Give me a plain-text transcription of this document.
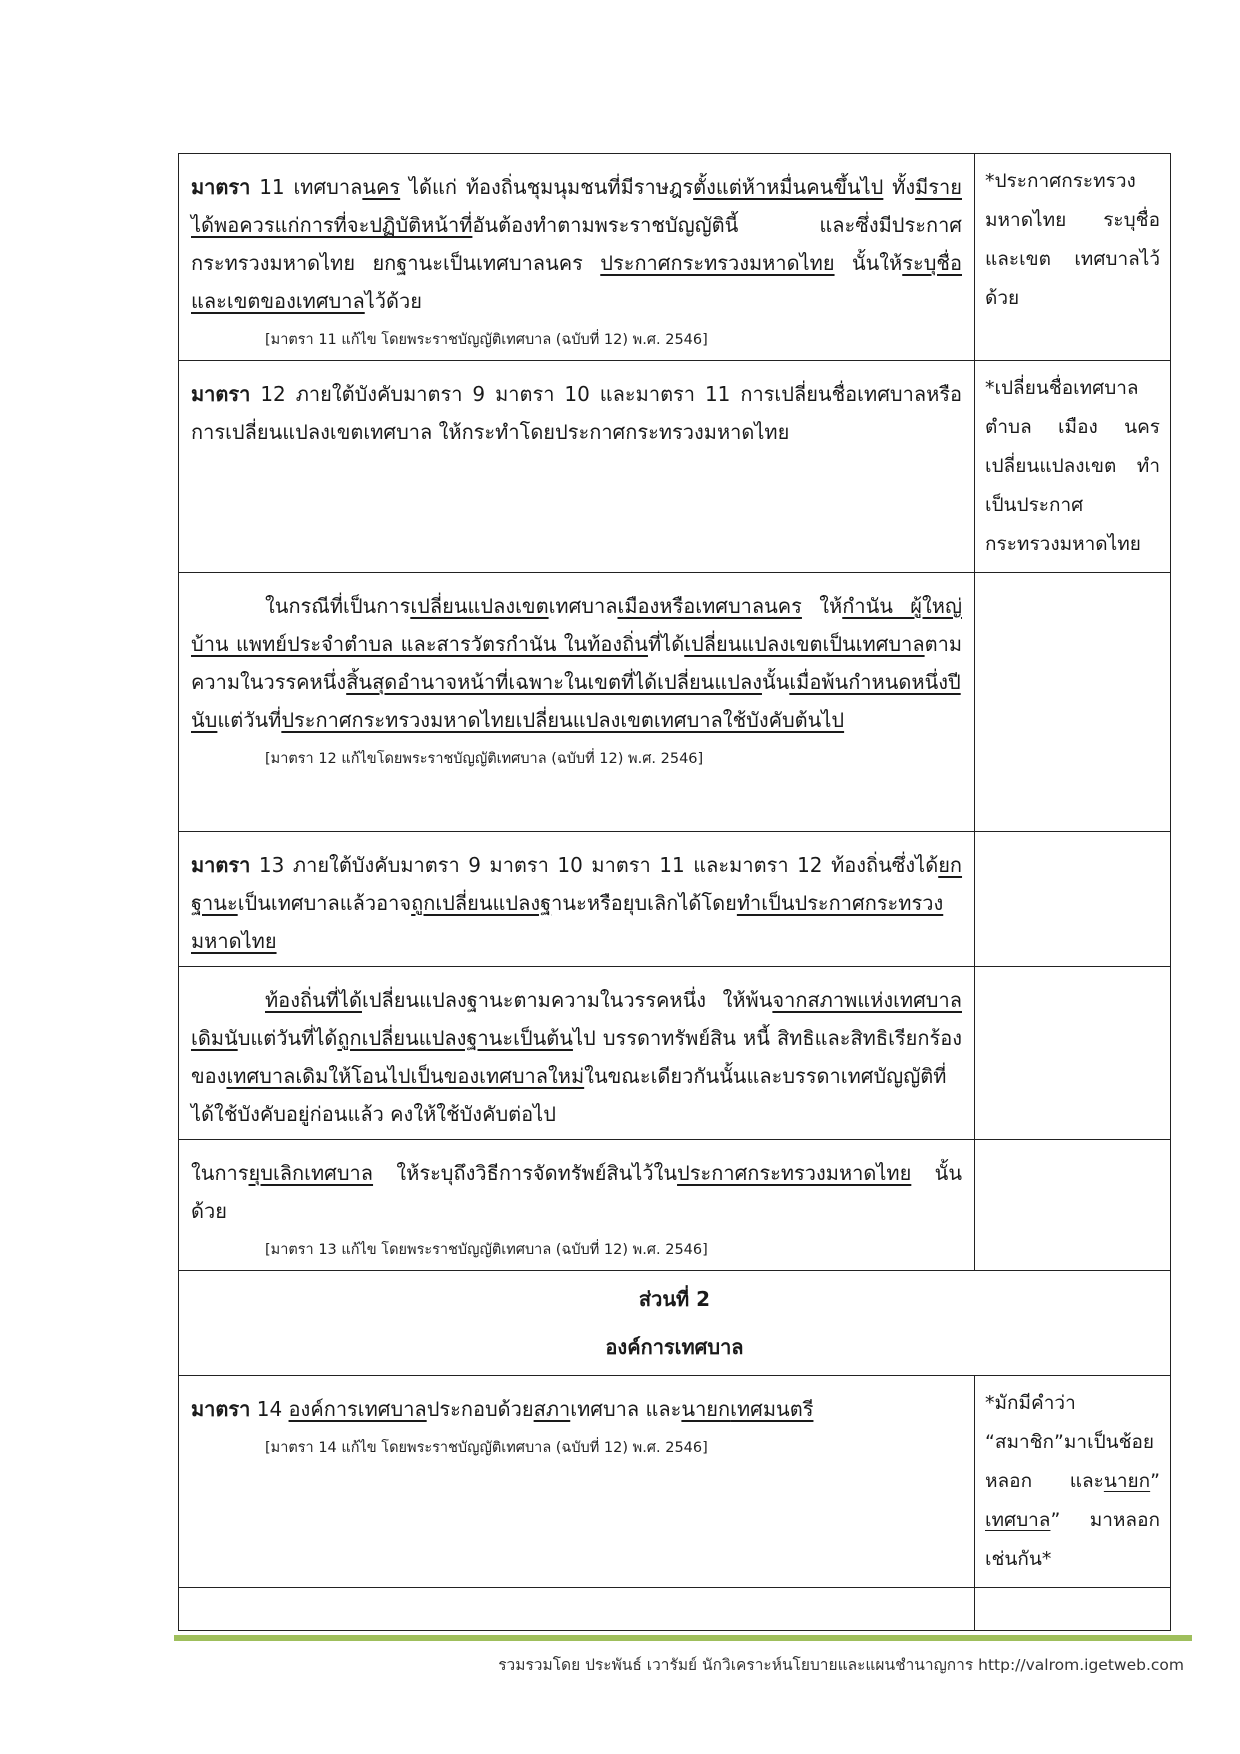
มาตรา 11 เทศบาลนคร ได้แก่ ท้องถิ่นชุมนุมชนที่มีราษฎรตั้งแต่ห้าหมื่นคนขึ้นไป ทั้งมีรายได้พอควรแก่การที่จะปฏิบัติหน้าที่อันต้องทำตามพระราชบัญญัตินี้ และซึ่งมีประกาศกระทรวงมหาดไทย ยกฐานะเป็นเทศบาลนคร ประกาศกระทรวงมหาดไทย นั้นให้ระบุชื่อและเขตของเทศบาลไว้ด้วย
[มาตรา 11 แก้ไข โดยพระราชบัญญัติเทศบาล (ฉบับที่ 12) พ.ศ. 2546]	*ประกาศกระทรวงมหาดไทย ระบุชื่อ และเขต เทศบาลไว้ด้วย

มาตรา 12 ภายใต้บังคับมาตรา 9 มาตรา 10 และมาตรา 11 การเปลี่ยนชื่อเทศบาลหรือการเปลี่ยนแปลงเขตเทศบาล ให้กระทำโดยประกาศกระทรวงมหาดไทย	*เปลี่ยนชื่อเทศบาล ตำบล เมือง นคร เปลี่ยนแปลงเขต ทำ เป็นประกาศ กระทรวงมหาดไทย

ในกรณีที่เป็นการเปลี่ยนแปลงเขตเทศบาลเมืองหรือเทศบาลนคร ให้กำนัน ผู้ใหญ่บ้าน แพทย์ประจำตำบล และสารวัตรกำนัน ในท้องถิ่นที่ได้เปลี่ยนแปลงเขตเป็นเทศบาลตามความในวรรคหนึ่งสิ้นสุดอำนาจหน้าที่เฉพาะในเขตที่ได้เปลี่ยนแปลงนั้นเมื่อพ้นกำหนดหนึ่งปีนับแต่วันที่ประกาศกระทรวงมหาดไทยเปลี่ยนแปลงเขตเทศบาลใช้บังคับต้นไป
[มาตรา 12 แก้ไขโดยพระราชบัญญัติเทศบาล (ฉบับที่ 12) พ.ศ. 2546]	

มาตรา 13 ภายใต้บังคับมาตรา 9 มาตรา 10 มาตรา 11 และมาตรา 12 ท้องถิ่นซึ่งได้ยกฐานะเป็นเทศบาลแล้วอาจถูกเปลี่ยนแปลงฐานะหรือยุบเลิกได้โดยทำเป็นประกาศกระทรวงมหาดไทย	

ท้องถิ่นที่ได้เปลี่ยนแปลงฐานะตามความในวรรคหนึ่ง ให้พ้นจากสภาพแห่งเทศบาลเดิมนับแต่วันที่ได้ถูกเปลี่ยนแปลงฐานะเป็นต้นไป บรรดาทรัพย์สิน หนี้ สิทธิและสิทธิเรียกร้องของเทศบาลเดิมให้โอนไปเป็นของเทศบาลใหม่ในขณะเดียวกันนั้นและบรรดาเทศบัญญัติที่ได้ใช้บังคับอยู่ก่อนแล้ว คงให้ใช้บังคับต่อไป	

ในการยุบเลิกเทศบาล ให้ระบุถึงวิธีการจัดทรัพย์สินไว้ในประกาศกระทรวงมหาดไทย นั้นด้วย
[มาตรา 13 แก้ไข โดยพระราชบัญญัติเทศบาล (ฉบับที่ 12) พ.ศ. 2546]	

ส่วนที่ 2
องค์การเทศบาล	

มาตรา 14 องค์การเทศบาลประกอบด้วยสภาเทศบาล และนายกเทศมนตรี
[มาตรา 14 แก้ไข โดยพระราชบัญญัติเทศบาล (ฉบับที่ 12) พ.ศ. 2546]	*มักมีคำว่า “สมาชิก”มาเป็นช้อยหลอก และนายก” เทศบาล” มาหลอกเช่นกัน*

รวมรวมโดย ประพันธ์ เวารัมย์ นักวิเคราะห์นโยบายและแผนชำนาญการ http://valrom.igetweb.com
